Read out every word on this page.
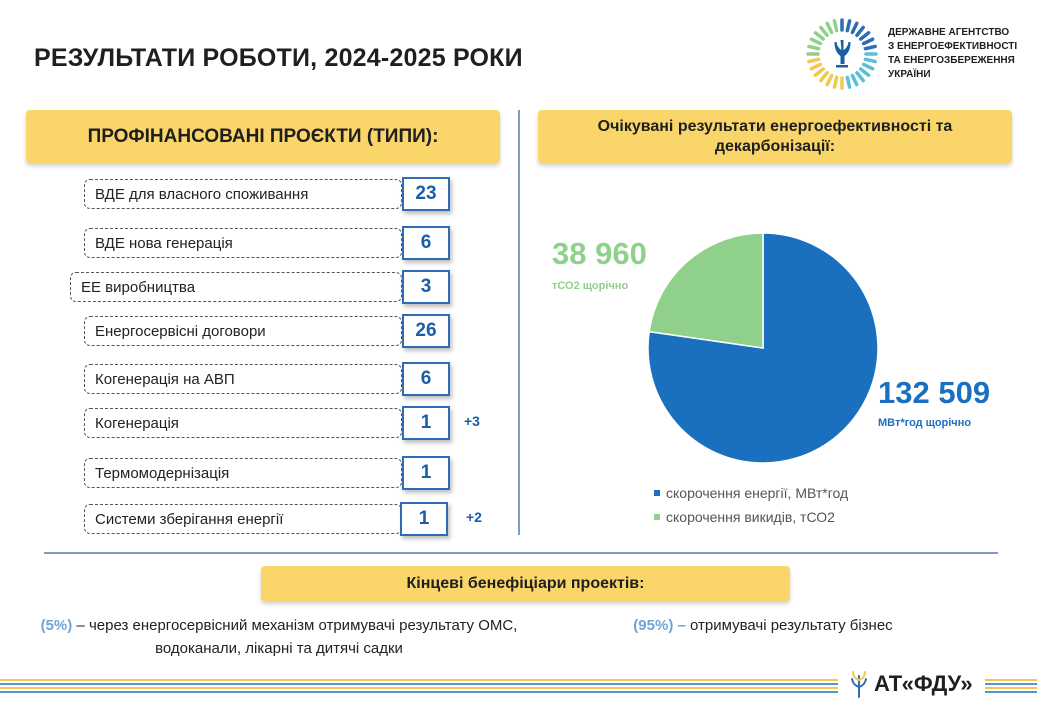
РЕЗУЛЬТАТИ РОБОТИ, 2024-2025 РОКИ
ДЕРЖАВНЕ АГЕНТСТВО
З ЕНЕРГОЕФЕКТИВНОСТІ
ТА ЕНЕРГОЗБЕРЕЖЕННЯ
УКРАЇНИ
ПРОФІНАНСОВАНІ ПРОЄКТИ (ТИПИ):	Очікувані результати енергоефективності та декарбонізації:
ВДЕ для власного споживання	23
ВДЕ нова генерація	6
ЕЕ виробництва	3
Енергосервісні договори	26
Когенерація на АВП	6
Когенерація	1	+3
Термомодернізація	1
Системи зберігання енергії	1	+2
38 960
тСО2 щорічно
132 509
МВт*год щорічно
скорочення енергії, МВт*год
скорочення викидів, тСО2
Кінцеві бенефіціари проектів:
(5%) – через енергосервісний механізм отримувачі результату ОМС, водоканали, лікарні та дитячі садки
(95%) – отримувачі результату бізнес
АТ«ФДУ»
